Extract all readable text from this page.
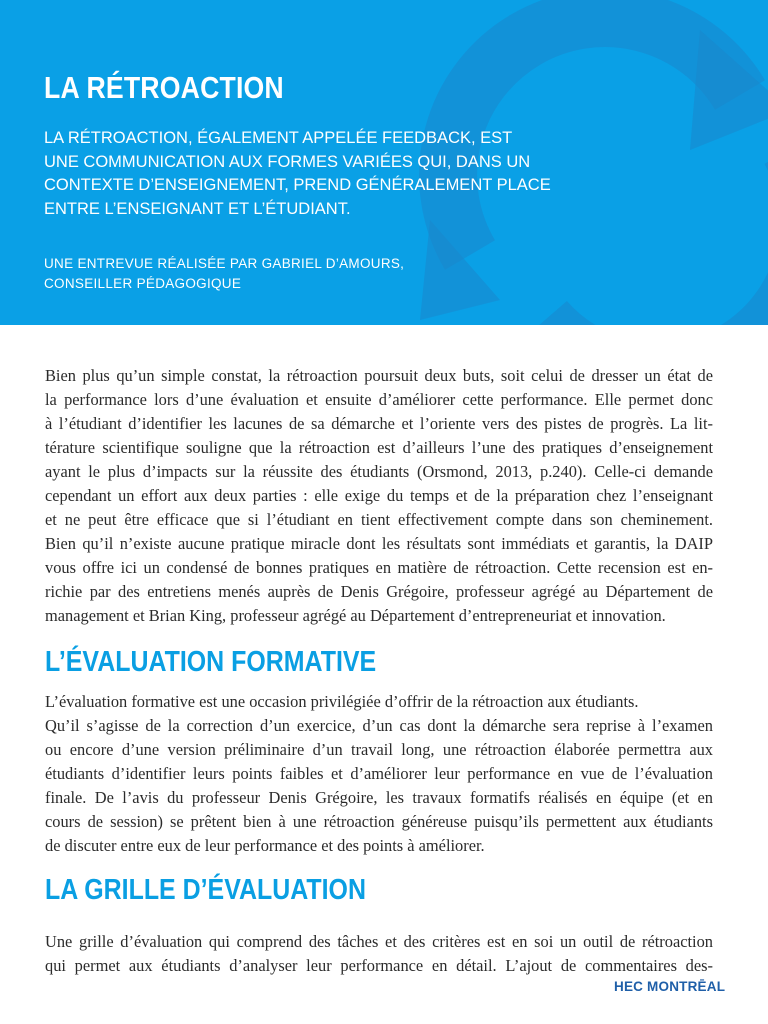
LA RÉTROACTION
LA RÉTROACTION, ÉGALEMENT APPELÉE FEEDBACK, EST
UNE COMMUNICATION AUX FORMES VARIÉES QUI, DANS UN
CONTEXTE D’ENSEIGNEMENT, PREND GÉNÉRALEMENT PLACE
ENTRE L’ENSEIGNANT ET L’ÉTUDIANT.
UNE ENTREVUE RÉALISÉE PAR GABRIEL D’AMOURS,
CONSEILLER PÉDAGOGIQUE
Bien plus qu’un simple constat, la rétroaction poursuit deux buts, soit celui de dresser un état de
la performance lors d’une évaluation et ensuite d’améliorer cette performance. Elle permet donc
à l’étudiant d’identifier les lacunes de sa démarche et l’oriente vers des pistes de progrès. La lit-
térature scientifique souligne que la rétroaction est d’ailleurs l’une des pratiques d’enseignement
ayant le plus d’impacts sur la réussite des étudiants (Orsmond, 2013, p.240). Celle-ci demande
cependant un effort aux deux parties : elle exige du temps et de la préparation chez l’enseignant
et ne peut être efficace que si l’étudiant en tient effectivement compte dans son cheminement.
Bien qu’il n’existe aucune pratique miracle dont les résultats sont immédiats et garantis, la DAIP
vous offre ici un condensé de bonnes pratiques en matière de rétroaction. Cette recension est en-
richie par des entretiens menés auprès de Denis Grégoire, professeur agrégé au Département de
management et Brian King, professeur agrégé au Département d’entrepreneuriat et innovation.
L’ÉVALUATION FORMATIVE
L’évaluation formative est une occasion privilégiée d’offrir de la rétroaction aux étudiants.
Qu’il s’agisse de la correction d’un exercice, d’un cas dont la démarche sera reprise à l’examen
ou encore d’une version préliminaire d’un travail long, une rétroaction élaborée permettra aux
étudiants d’identifier leurs points faibles et d’améliorer leur performance en vue de l’évaluation
finale. De l’avis du professeur Denis Grégoire, les travaux formatifs réalisés en équipe (et en
cours de session) se prêtent bien à une rétroaction généreuse puisqu’ils permettent aux étudiants
de discuter entre eux de leur performance et des points à améliorer.
LA GRILLE D’ÉVALUATION
Une grille d’évaluation qui comprend des tâches et des critères est en soi un outil de rétroaction
qui permet aux étudiants d’analyser leur performance en détail. L’ajout de commentaires des-
HEC MONTRĒAL
